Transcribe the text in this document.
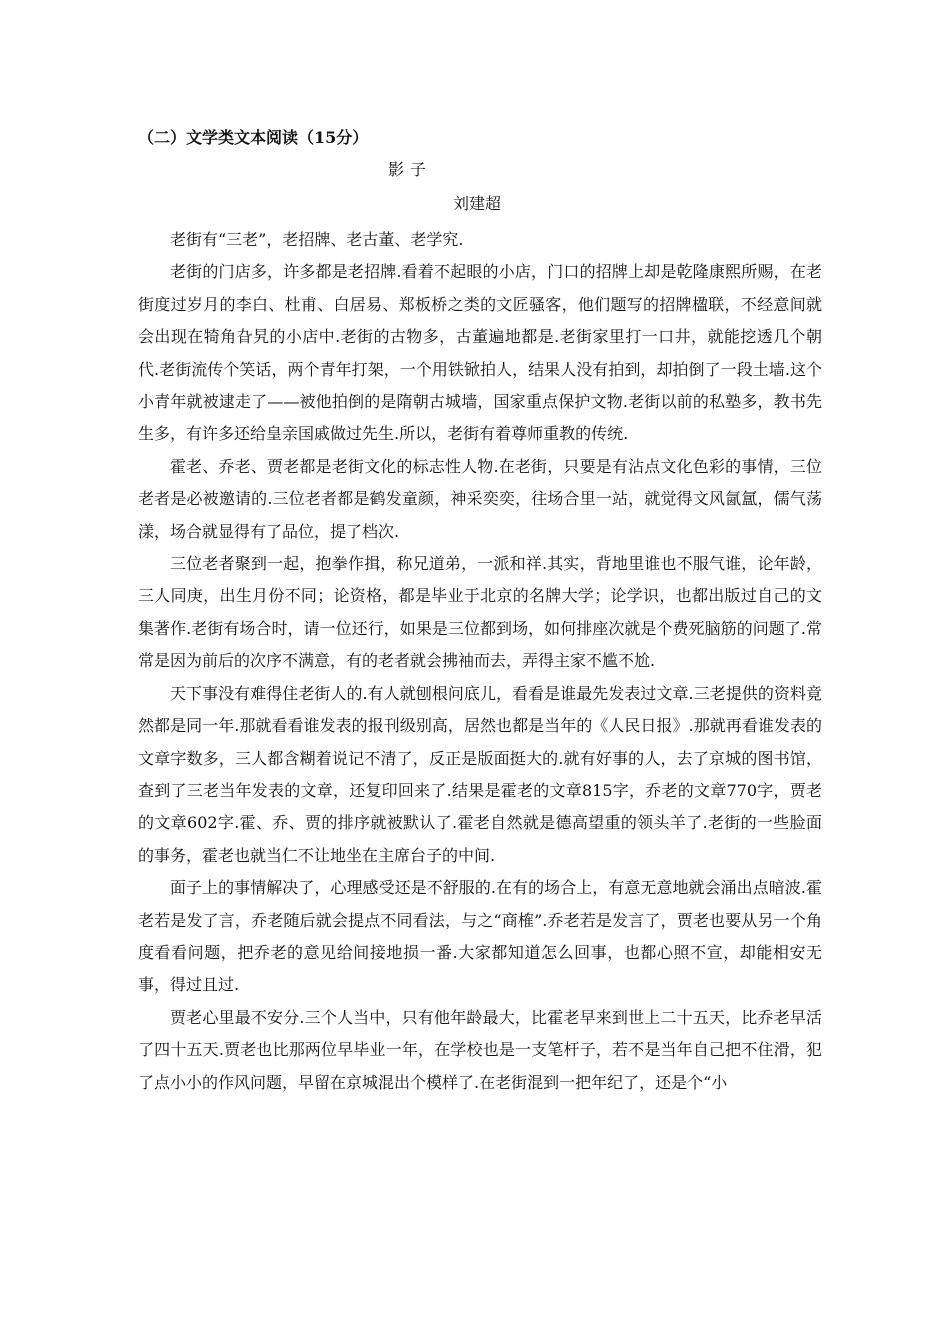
（二）文学类文本阅读（15分）
影子
刘建超

老街有“三老”，老招牌、老古董、老学究.

老街的门店多，许多都是老招牌.看着不起眼的小店，门口的招牌上却是乾隆康熙所赐，在老街度过岁月的李白、杜甫、白居易、郑板桥之类的文匠骚客，他们题写的招牌楹联，不经意间就会出现在犄角旮旯的小店中.老街的古物多，古董遍地都是.老街家里打一口井，就能挖透几个朝代.老街流传个笑话，两个青年打架，一个用铁锨拍人，结果人没有拍到，却拍倒了一段土墙.这个小青年就被逮走了——被他拍倒的是隋朝古城墙，国家重点保护文物.老街以前的私塾多，教书先生多，有许多还给皇亲国戚做过先生.所以，老街有着尊师重教的传统.

霍老、乔老、贾老都是老街文化的标志性人物.在老街，只要是有沾点文化色彩的事情，三位老者是必被邀请的.三位老者都是鹤发童颜，神采奕奕，往场合里一站，就觉得文风氤氲，儒气荡漾，场合就显得有了品位，提了档次.

三位老者聚到一起，抱拳作揖，称兄道弟，一派和祥.其实，背地里谁也不服气谁，论年龄，三人同庚，出生月份不同；论资格，都是毕业于北京的名牌大学；论学识，也都出版过自己的文集著作.老街有场合时，请一位还行，如果是三位都到场，如何排座次就是个费死脑筋的问题了.常常是因为前后的次序不满意，有的老者就会拂袖而去，弄得主家不尴不尬.

天下事没有难得住老街人的.有人就刨根问底儿，看看是谁最先发表过文章.三老提供的资料竟然都是同一年.那就看看谁发表的报刊级别高，居然也都是当年的《人民日报》.那就再看谁发表的文章字数多，三人都含糊着说记不清了，反正是版面挺大的.就有好事的人，去了京城的图书馆，查到了三老当年发表的文章，还复印回来了.结果是霍老的文章815字，乔老的文章770字，贾老的文章602字.霍、乔、贾的排序就被默认了.霍老自然就是德高望重的领头羊了.老街的一些脸面的事务，霍老也就当仁不让地坐在主席台子的中间.

面子上的事情解决了，心理感受还是不舒服的.在有的场合上，有意无意地就会涌出点暗波.霍老若是发了言，乔老随后就会提点不同看法，与之“商榷”.乔老若是发言了，贾老也要从另一个角度看看问题，把乔老的意见给间接地损一番.大家都知道怎么回事，也都心照不宣，却能相安无事，得过且过.

贾老心里最不安分.三个人当中，只有他年龄最大，比霍老早来到世上二十五天，比乔老早活了四十五天.贾老也比那两位早毕业一年，在学校也是一支笔杆子，若不是当年自己把不住滑，犯了点小小的作风问题，早留在京城混出个模样了.在老街混到一把年纪了，还是个“小
